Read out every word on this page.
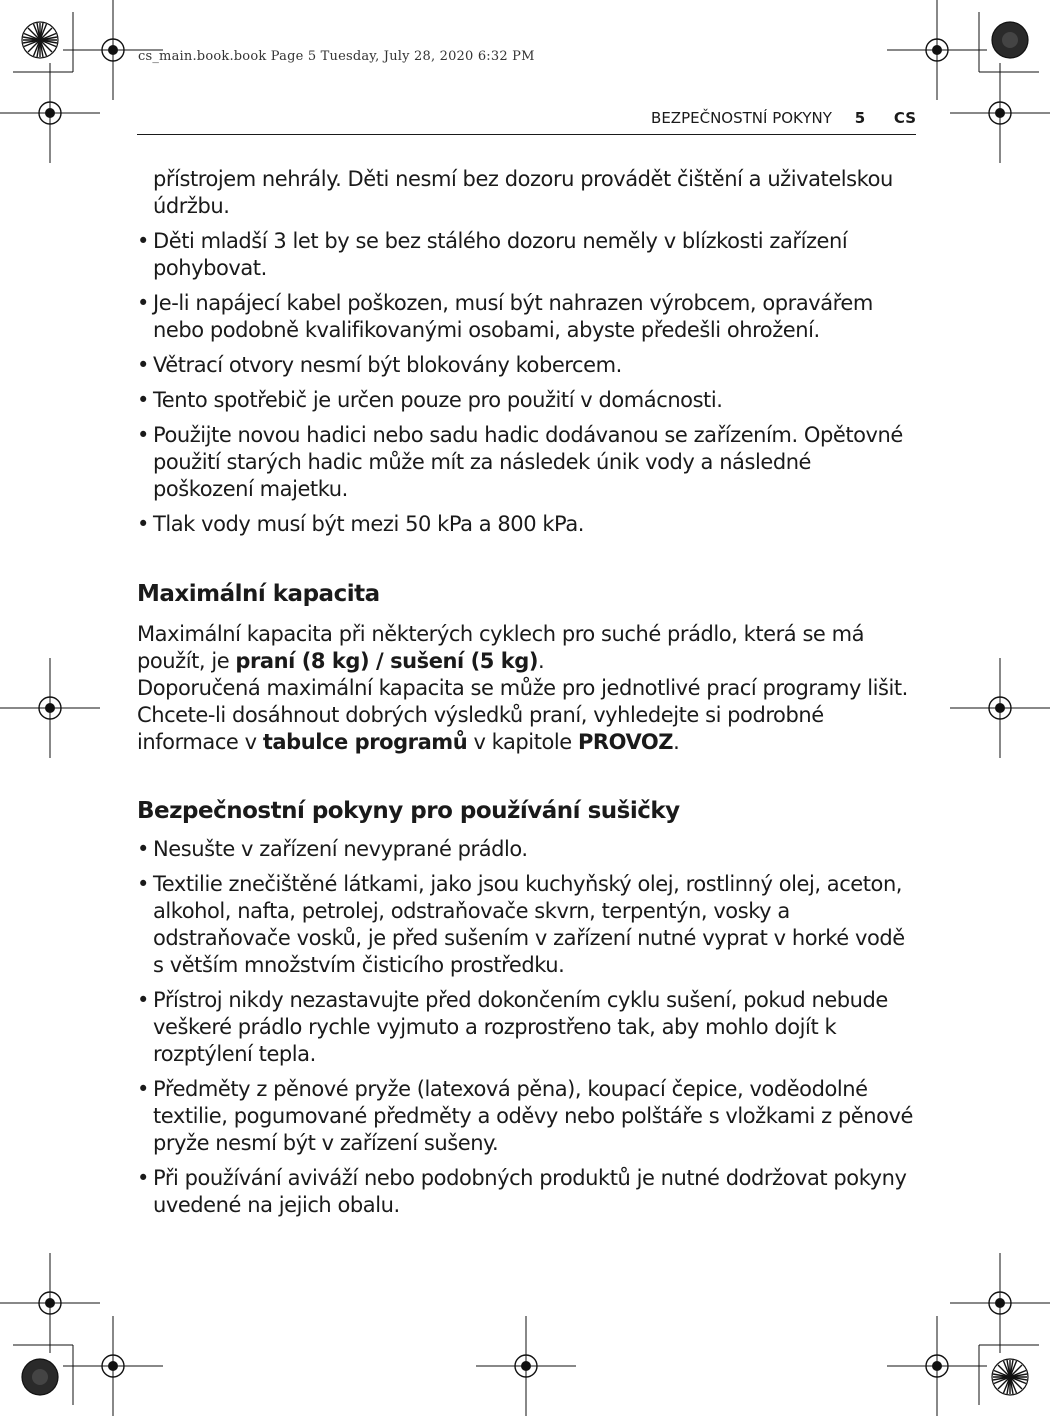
cs_main.book.book Page 5 Tuesday, July 28, 2020 6:32 PM
BEZPEČNOSTNÍ POKYNY 5 CS
přístrojem nehrály. Děti nesmí bez dozoru provádět čištění a uživatelskou údržbu.
• Děti mladší 3 let by se bez stálého dozoru neměly v blízkosti zařízení pohybovat.
• Je-li napájecí kabel poškozen, musí být nahrazen výrobcem, opravářem nebo podobně kvalifikovanými osobami, abyste předešli ohrožení.
• Větrací otvory nesmí být blokovány kobercem.
• Tento spotřebič je určen pouze pro použití v domácnosti.
• Použijte novou hadici nebo sadu hadic dodávanou se zařízením. Opětovné použití starých hadic může mít za následek únik vody a následné poškození majetku.
• Tlak vody musí být mezi 50 kPa a 800 kPa.
Maximální kapacita

Maximální kapacita při některých cyklech pro suché prádlo, která se má použít, je praní (8 kg) / sušení (5 kg).

Doporučená maximální kapacita se může pro jednotlivé prací programy lišit. Chcete-li dosáhnout dobrých výsledků praní, vyhledejte si podrobné informace v tabulce programů v kapitole PROVOZ.

Bezpečnostní pokyny pro používání sušičky
• Nesušte v zařízení nevyprané prádlo.
• Textilie znečištěné látkami, jako jsou kuchyňský olej, rostlinný olej, aceton, alkohol, nafta, petrolej, odstraňovače skvrn, terpentýn, vosky a odstraňovače vosků, je před sušením v zařízení nutné vyprat v horké vodě s větším množstvím čisticího prostředku.
• Přístroj nikdy nezastavujte před dokončením cyklu sušení, pokud nebude veškeré prádlo rychle vyjmuto a rozprostřeno tak, aby mohlo dojít k rozptýlení tepla.
• Předměty z pěnové pryže (latexová pěna), koupací čepice, voděodolné textilie, pogumované předměty a oděvy nebo polštáře s vložkami z pěnové pryže nesmí být v zařízení sušeny.
• Při používání aviváží nebo podobných produktů je nutné dodržovat pokyny uvedené na jejich obalu.
